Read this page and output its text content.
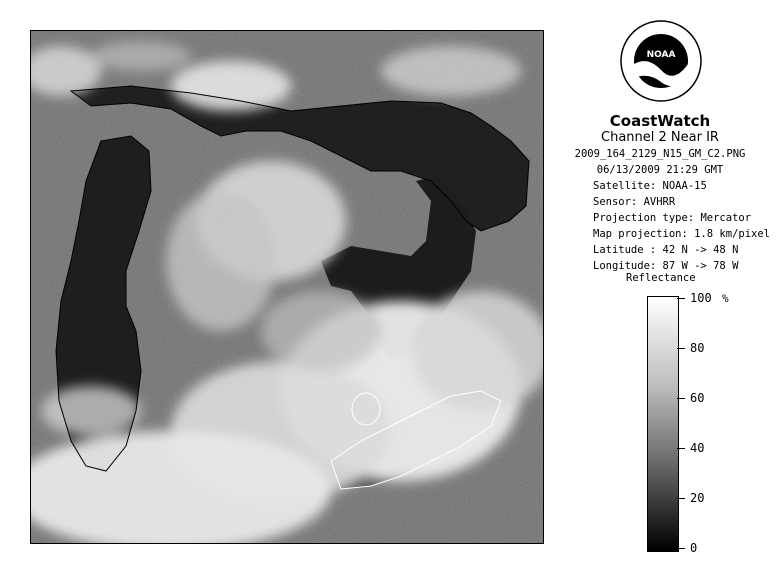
NOAA
CoastWatch
Channel 2 Near IR
2009_164_2129_N15_GM_C2.PNG
06/13/2009 21:29 GMT
Satellite: NOAA-15
Sensor: AVHRR
Projection type: Mercator
Map projection: 1.8 km/pixel
Latitude : 42 N -> 48 N
Longitude: 87 W -> 78 W
Reflectance
%
100
80
60
40
20
0
